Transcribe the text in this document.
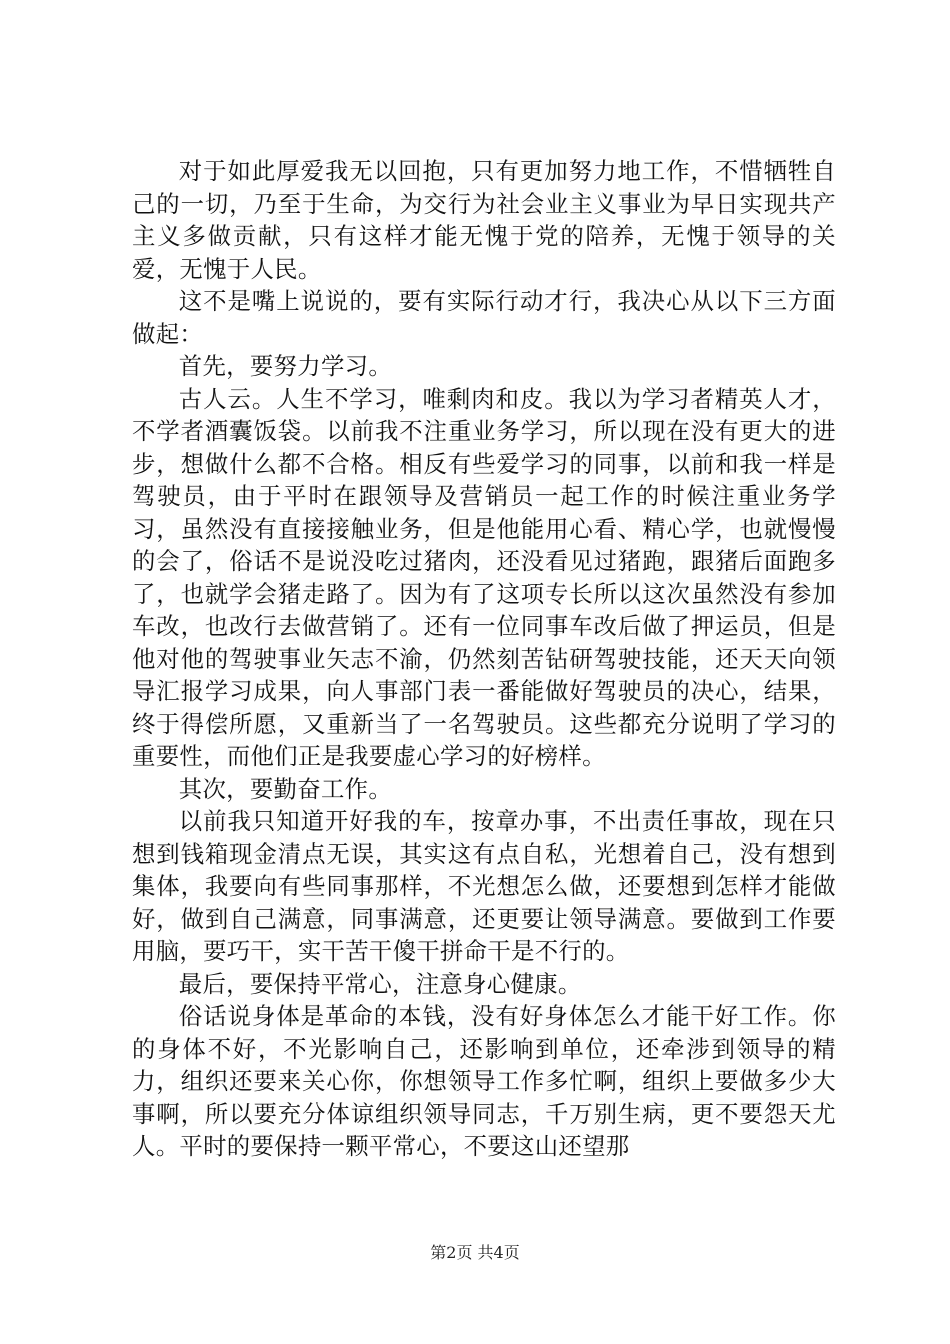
对于如此厚爱我无以回抱，只有更加努力地工作，不惜牺牲自己的一切，乃至于生命，为交行为社会业主义事业为早日实现共产主义多做贡献，只有这样才能无愧于党的陪养，无愧于领导的关爱，无愧于人民。

这不是嘴上说说的，要有实际行动才行，我决心从以下三方面做起：

首先，要努力学习。

古人云。人生不学习，唯剩肉和皮。我以为学习者精英人才，不学者酒囊饭袋。以前我不注重业务学习，所以现在没有更大的进步，想做什么都不合格。相反有些爱学习的同事，以前和我一样是驾驶员，由于平时在跟领导及营销员一起工作的时候注重业务学习，虽然没有直接接触业务，但是他能用心看、精心学，也就慢慢的会了，俗话不是说没吃过猪肉，还没看见过猪跑，跟猪后面跑多了，也就学会猪走路了。因为有了这项专长所以这次虽然没有参加车改，也改行去做营销了。还有一位同事车改后做了押运员，但是他对他的驾驶事业矢志不渝，仍然刻苦钻研驾驶技能，还天天向领导汇报学习成果，向人事部门表一番能做好驾驶员的决心，结果，终于得偿所愿，又重新当了一名驾驶员。这些都充分说明了学习的重要性，而他们正是我要虚心学习的好榜样。

其次，要勤奋工作。

以前我只知道开好我的车，按章办事，不出责任事故，现在只想到钱箱现金清点无误，其实这有点自私，光想着自己，没有想到集体，我要向有些同事那样，不光想怎么做，还要想到怎样才能做好，做到自己满意，同事满意，还更要让领导满意。要做到工作要用脑，要巧干，实干苦干傻干拼命干是不行的。

最后，要保持平常心，注意身心健康。

俗话说身体是革命的本钱，没有好身体怎么才能干好工作。你的身体不好，不光影响自己，还影响到单位，还牵涉到领导的精力，组织还要来关心你，你想领导工作多忙啊，组织上要做多少大事啊，所以要充分体谅组织领导同志，千万别生病，更不要怨天尤人。平时的要保持一颗平常心，不要这山还望那

第2页 共4页
